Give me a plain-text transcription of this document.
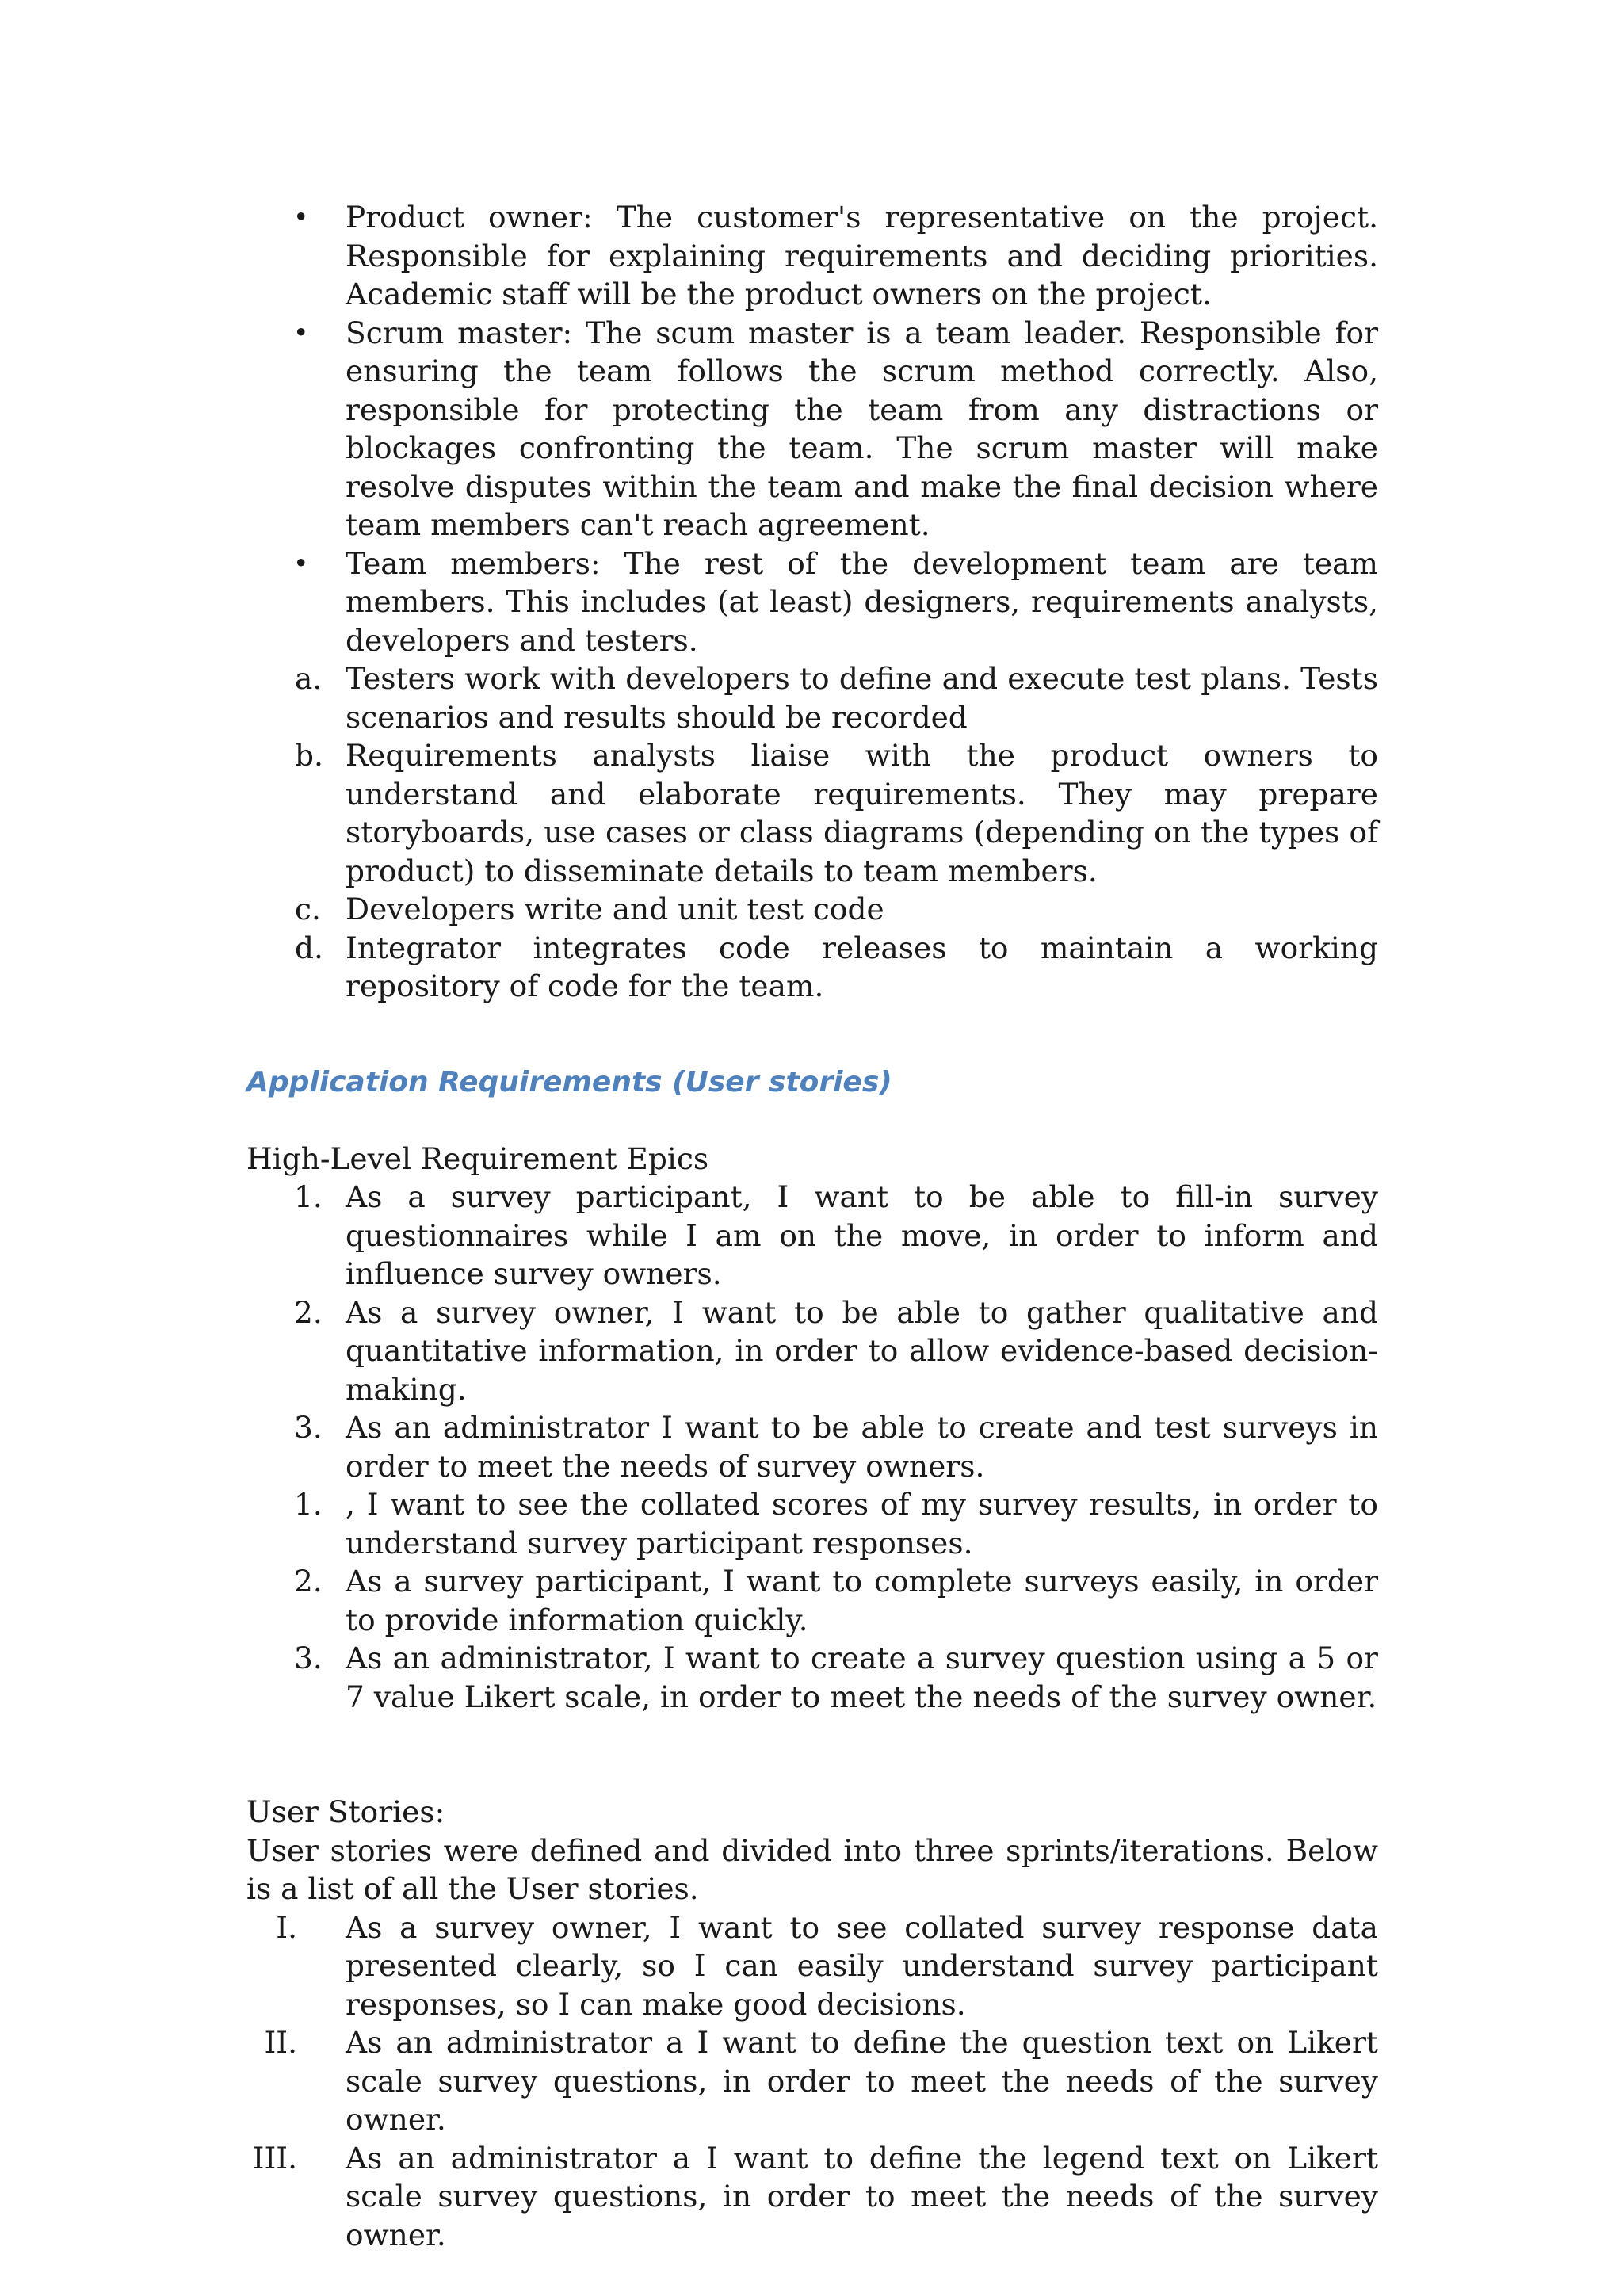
• Product owner: The customer's representative on the project. Responsible for explaining requirements and deciding priorities. Academic staff will be the product owners on the project.
• Scrum master: The scum master is a team leader. Responsible for ensuring the team follows the scrum method correctly. Also, responsible for protecting the team from any distractions or blockages confronting the team. The scrum master will make resolve disputes within the team and make the final decision where team members can't reach agreement.
• Team members: The rest of the development team are team members. This includes (at least) designers, requirements analysts, developers and testers.
a. Testers work with developers to define and execute test plans. Tests scenarios and results should be recorded
b. Requirements analysts liaise with the product owners to understand and elaborate requirements. They may prepare storyboards, use cases or class diagrams (depending on the types of product) to disseminate details to team members.
c. Developers write and unit test code
d. Integrator integrates code releases to maintain a working repository of code for the team.
Application Requirements (User stories)

High-Level Requirement Epics

1. As a survey participant, I want to be able to fill-in survey questionnaires while I am on the move, in order to inform and influence survey owners.
2. As a survey owner, I want to be able to gather qualitative and quantitative information, in order to allow evidence-based decision-making.
3. As an administrator I want to be able to create and test surveys in order to meet the needs of survey owners.
1. , I want to see the collated scores of my survey results, in order to understand survey participant responses.
2. As a survey participant, I want to complete surveys easily, in order to provide information quickly.
3. As an administrator, I want to create a survey question using a 5 or 7 value Likert scale, in order to meet the needs of the survey owner.

User Stories:

User stories were defined and divided into three sprints/iterations. Below is a list of all the User stories.

I. As a survey owner, I want to see collated survey response data presented clearly, so I can easily understand survey participant responses, so I can make good decisions.
II. As an administrator a I want to define the question text on Likert scale survey questions, in order to meet the needs of the survey owner.
III. As an administrator a I want to define the legend text on Likert scale survey questions, in order to meet the needs of the survey owner.
